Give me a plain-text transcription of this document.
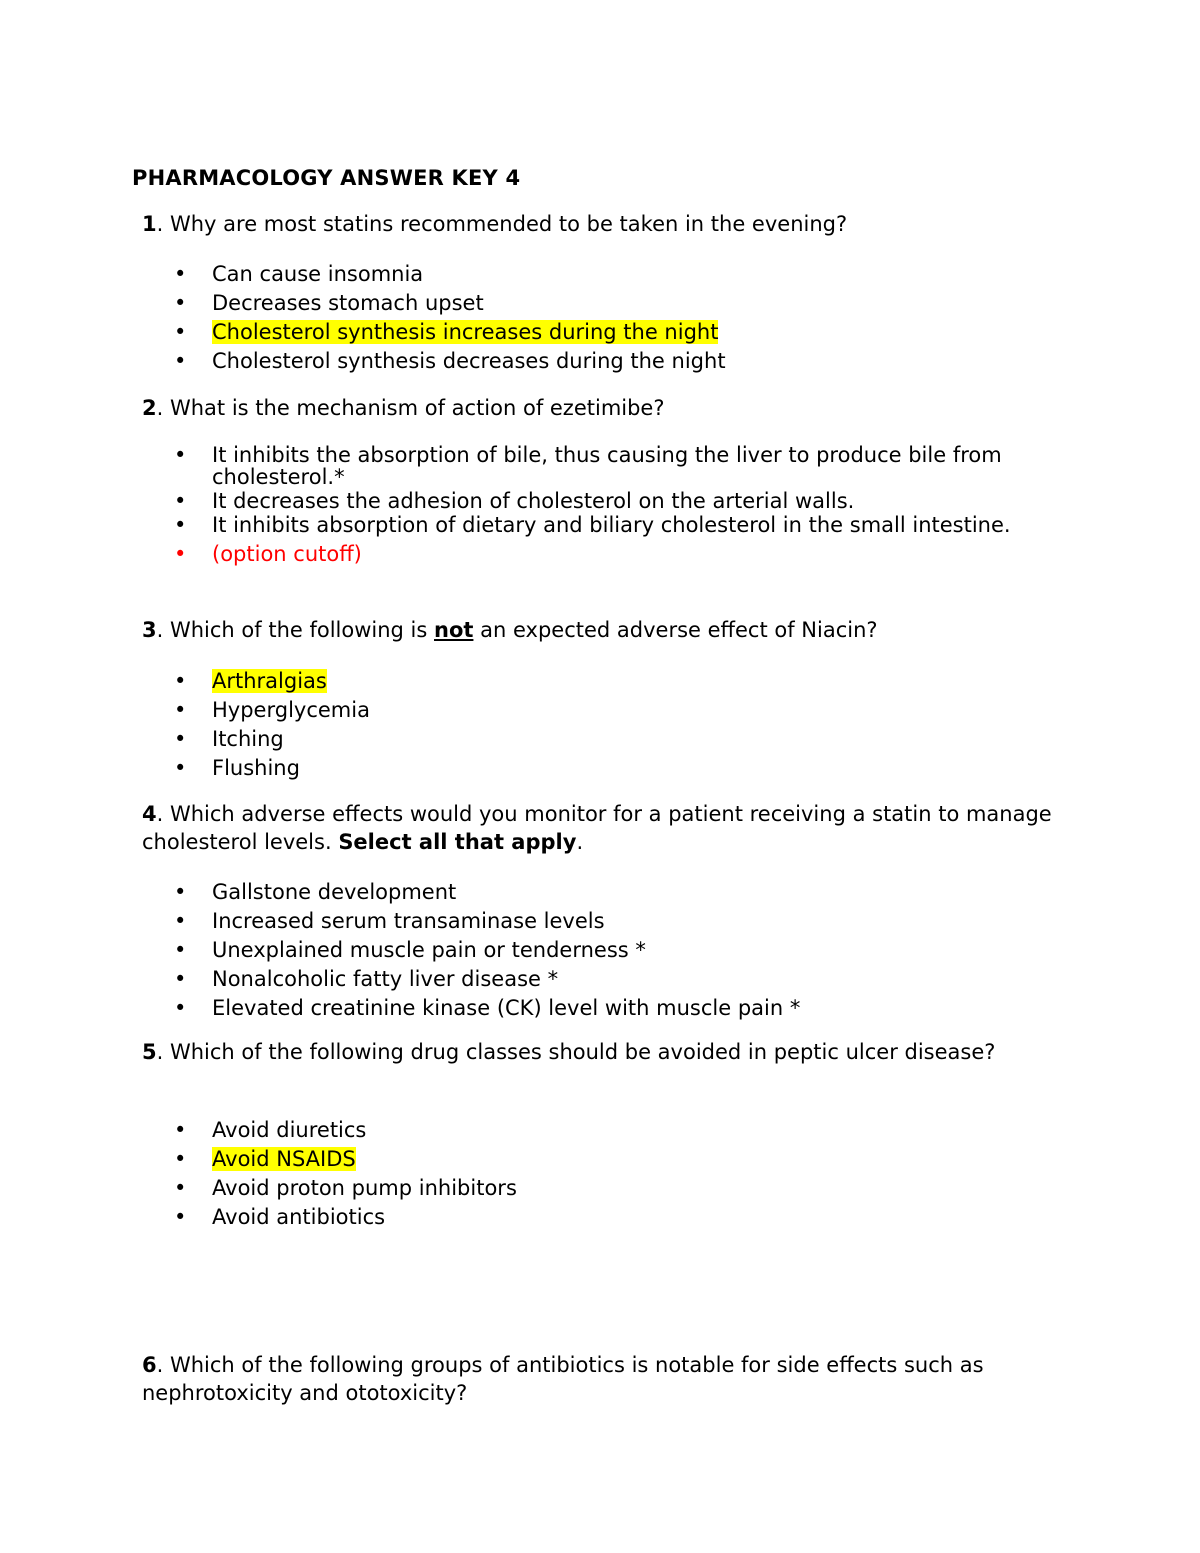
PHARMACOLOGY ANSWER KEY 4
1. Why are most statins recommended to be taken in the evening?
• Can cause insomnia
• Decreases stomach upset
• Cholesterol synthesis increases during the night
• Cholesterol synthesis decreases during the night
2. What is the mechanism of action of ezetimibe?
• It inhibits the absorption of bile, thus causing the liver to produce bile from cholesterol.*
• It decreases the adhesion of cholesterol on the arterial walls.
• It inhibits absorption of dietary and biliary cholesterol in the small intestine.
• (option cutoff)
3. Which of the following is not an expected adverse effect of Niacin?
• Arthralgias
• Hyperglycemia
• Itching
• Flushing
4. Which adverse effects would you monitor for a patient receiving a statin to manage cholesterol levels. Select all that apply.
• Gallstone development
• Increased serum transaminase levels
• Unexplained muscle pain or tenderness *
• Nonalcoholic fatty liver disease *
• Elevated creatinine kinase (CK) level with muscle pain *
5. Which of the following drug classes should be avoided in peptic ulcer disease?
• Avoid diuretics
• Avoid NSAIDS
• Avoid proton pump inhibitors
• Avoid antibiotics
6. Which of the following groups of antibiotics is notable for side effects such as nephrotoxicity and ototoxicity?
